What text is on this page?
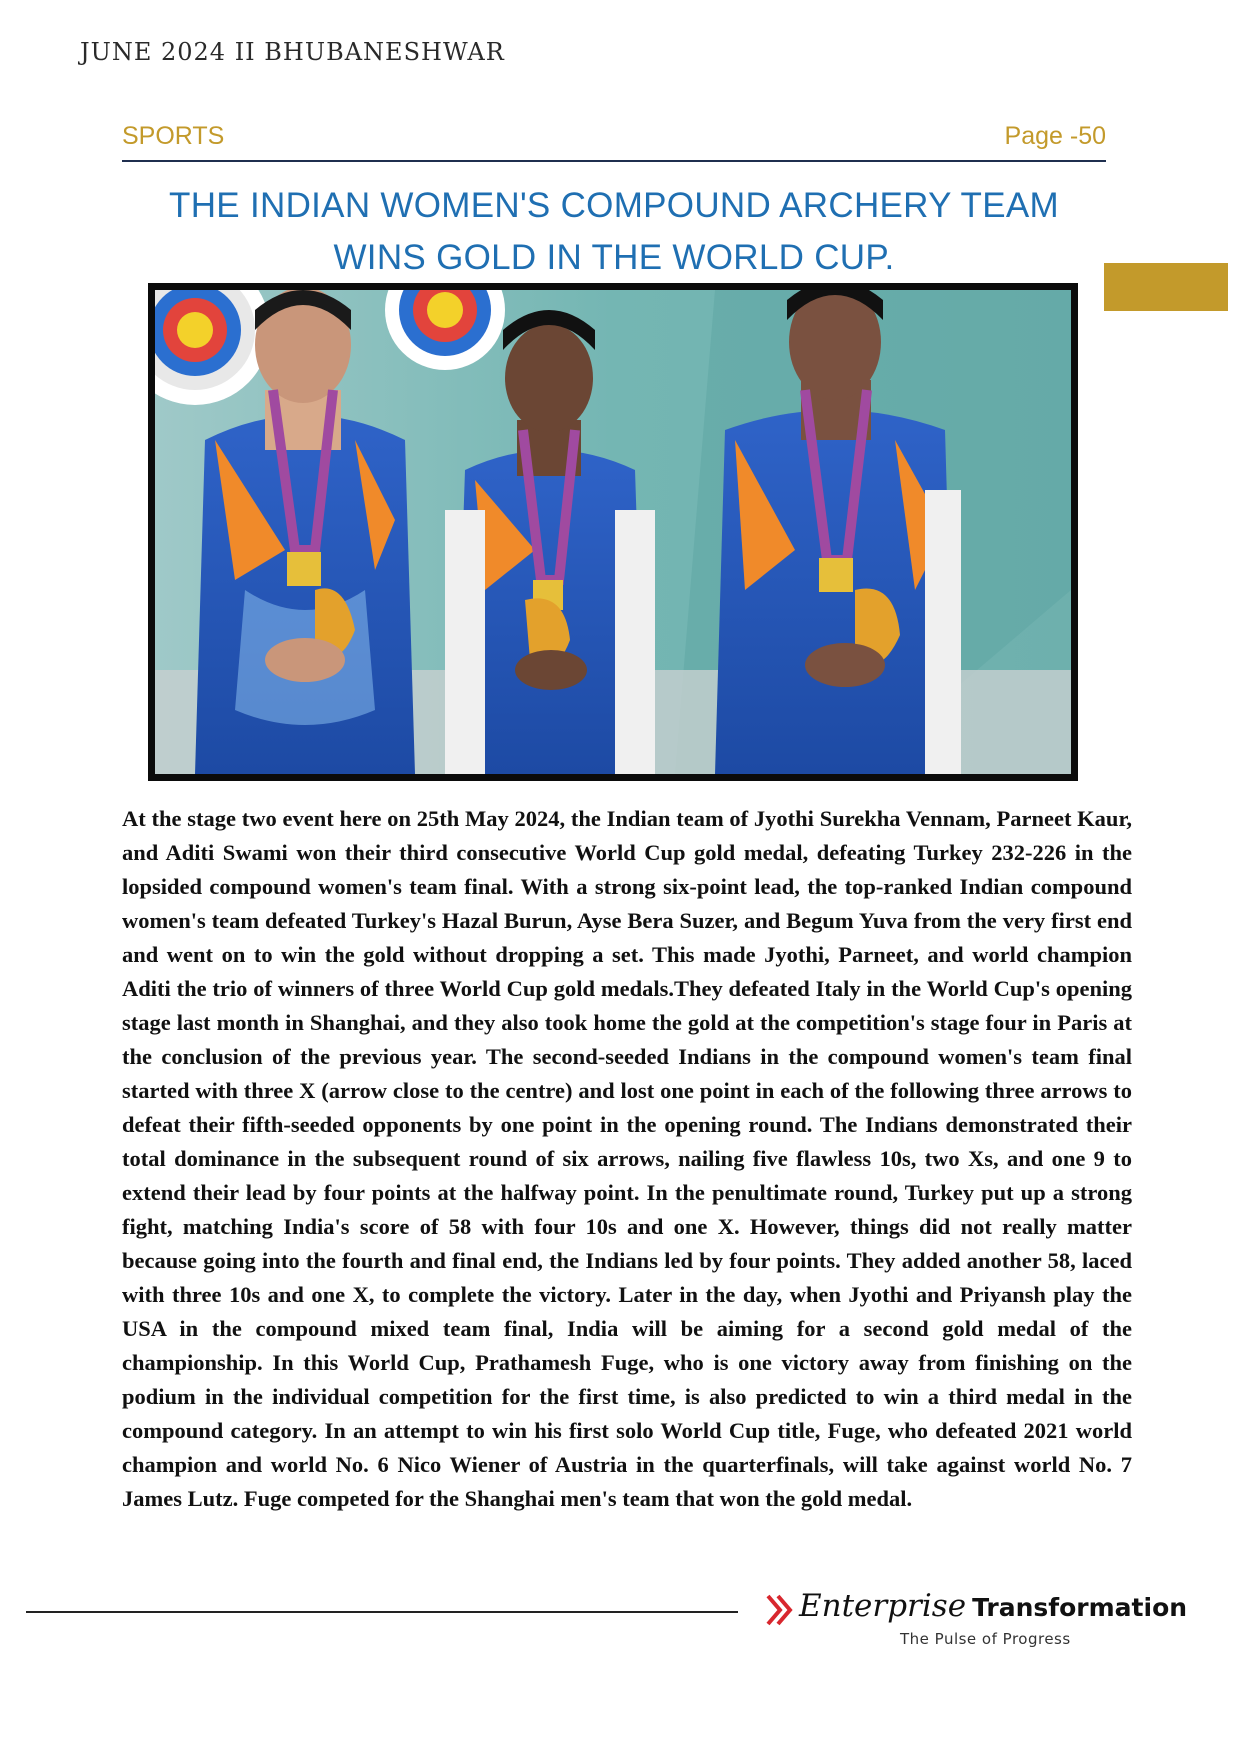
JUNE 2024 II BHUBANESHWAR
SPORTS	Page -50
THE INDIAN WOMEN'S COMPOUND ARCHERY TEAM
WINS GOLD IN THE WORLD CUP.

At the stage two event here on 25th May 2024, the Indian team of Jyothi Surekha Vennam, Parneet Kaur, and Aditi Swami won their third consecutive World Cup gold medal, defeating Turkey 232-226 in the lopsided compound women's team final. With a strong six-point lead, the top-ranked Indian compound women's team defeated Turkey's Hazal Burun, Ayse Bera Suzer, and Begum Yuva from the very first end and went on to win the gold without dropping a set. This made Jyothi, Parneet, and world champion Aditi the trio of winners of three World Cup gold medals.They defeated Italy in the World Cup's opening stage last month in Shanghai, and they also took home the gold at the competition's stage four in Paris at the conclusion of the previous year. The second-seeded Indians in the compound women's team final started with three X (arrow close to the centre) and lost one point in each of the following three arrows to defeat their fifth-seeded opponents by one point in the opening round. The Indians demonstrated their total dominance in the subsequent round of six arrows, nailing five flawless 10s, two Xs, and one 9 to extend their lead by four points at the halfway point. In the penultimate round, Turkey put up a strong fight, matching India's score of 58 with four 10s and one X. However, things did not really matter because going into the fourth and final end, the Indians led by four points. They added another 58, laced with three 10s and one X, to complete the victory. Later in the day, when Jyothi and Priyansh play the USA in the compound mixed team final, India will be aiming for a second gold medal of the championship. In this World Cup, Prathamesh Fuge, who is one victory away from finishing on the podium in the individual competition for the first time, is also predicted to win a third medal in the compound category. In an attempt to win his first solo World Cup title, Fuge, who defeated 2021 world champion and world No. 6 Nico Wiener of Austria in the quarterfinals, will take against world No. 7 James Lutz. Fuge competed for the Shanghai men's team that won the gold medal.

Enterprise Transformation
The Pulse of Progress
